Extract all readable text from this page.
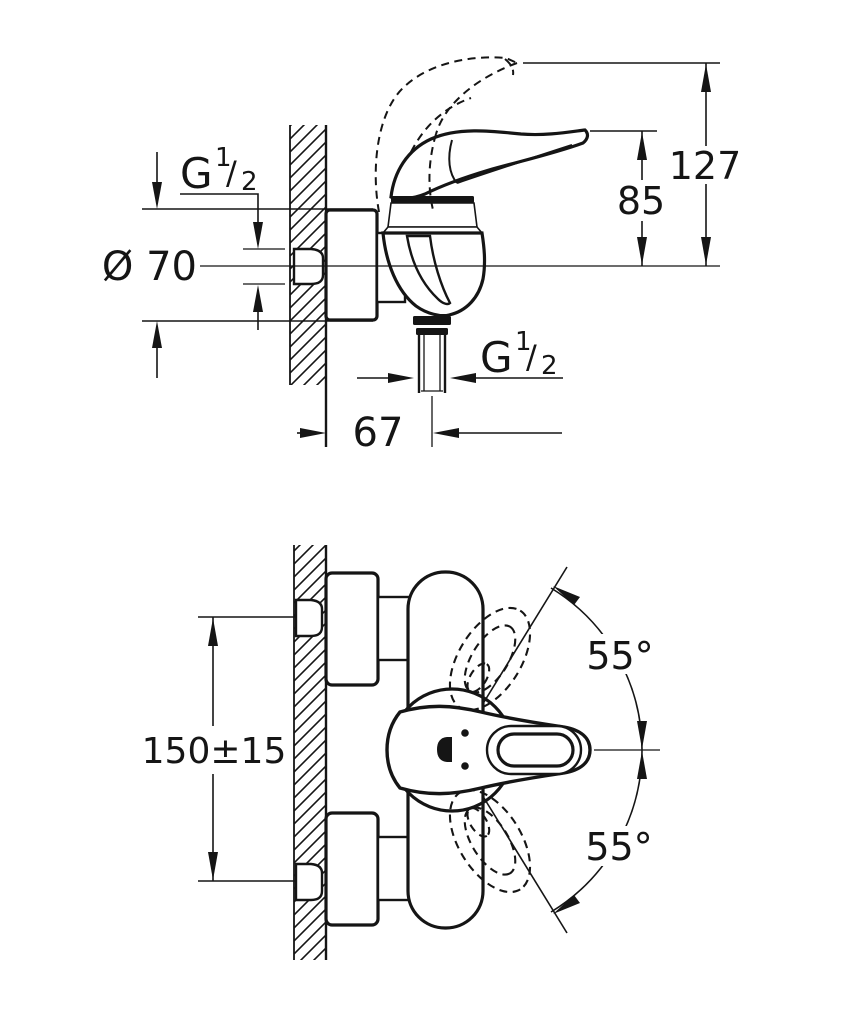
G 1
/ 2
Ø 70
127
85
G 1
/ 2
67
55°
55°
150±15
